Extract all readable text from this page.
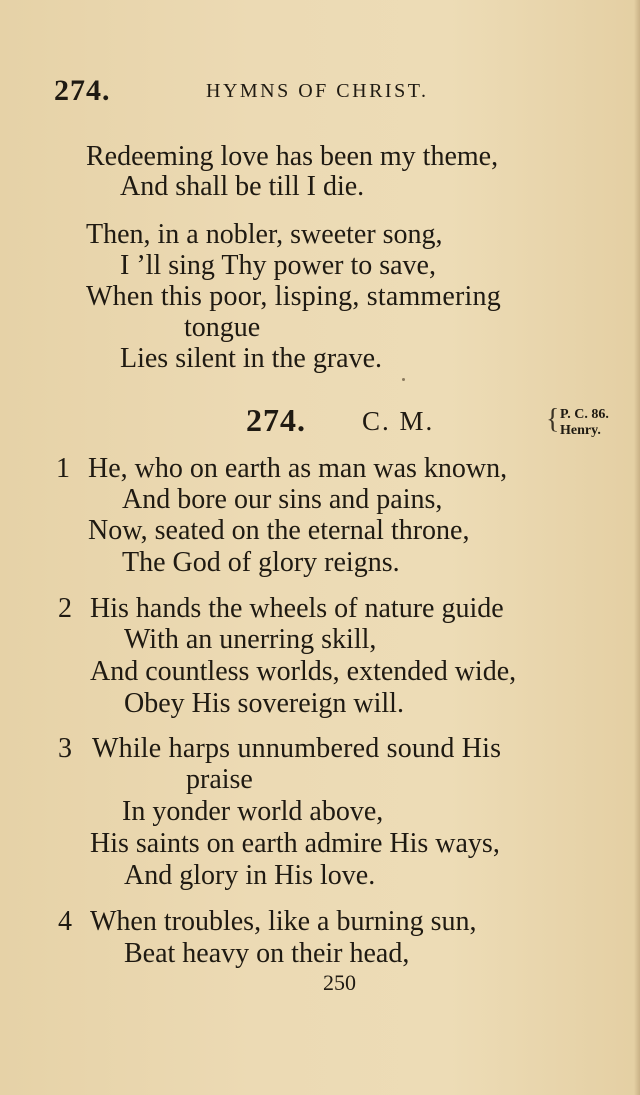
274.	HYMNS OF CHRIST.
Redeeming love has been my theme,
And shall be till I die.
Then, in a nobler, sweeter song,
I ’ll sing Thy power to save,
When this poor, lisping, stammering
tongue
Lies silent in the grave.
274. C. M.	{ P. C. 86.
Henry.
1 He, who on earth as man was known,
And bore our sins and pains,
Now, seated on the eternal throne,
The God of glory reigns.
2 His hands the wheels of nature guide
With an unerring skill,
And countless worlds, extended wide,
Obey His sovereign will.
3 While harps unnumbered sound His
praise
In yonder world above,
His saints on earth admire His ways,
And glory in His love.
4 When troubles, like a burning sun,
Beat heavy on their head,
250
